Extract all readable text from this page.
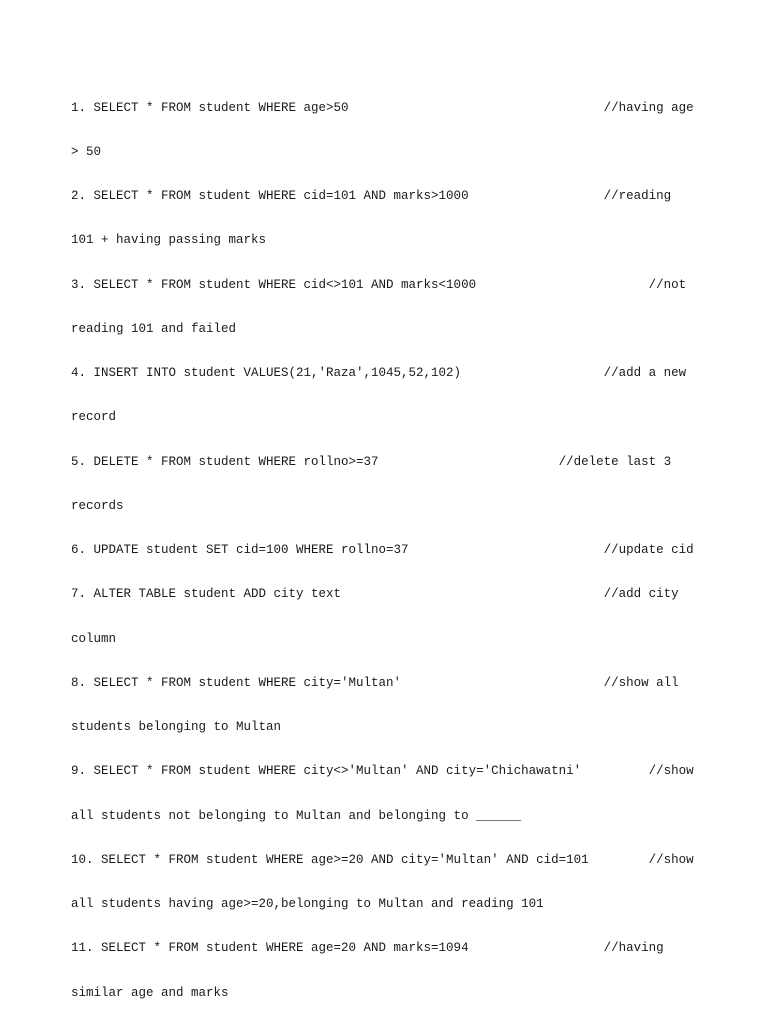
1. SELECT * FROM student WHERE age>50                                  //having age

> 50

2. SELECT * FROM student WHERE cid=101 AND marks>1000                  //reading

101 + having passing marks

3. SELECT * FROM student WHERE cid<>101 AND marks<1000                       //not

reading 101 and failed

4. INSERT INTO student VALUES(21,'Raza',1045,52,102)                   //add a new

record

5. DELETE * FROM student WHERE rollno>=37                        //delete last 3

records

6. UPDATE student SET cid=100 WHERE rollno=37                          //update cid

7. ALTER TABLE student ADD city text                                   //add city

column

8. SELECT * FROM student WHERE city='Multan'                           //show all

students belonging to Multan

9. SELECT * FROM student WHERE city<>'Multan' AND city='Chichawatni'         //show

all students not belonging to Multan and belonging to ______

10. SELECT * FROM student WHERE age>=20 AND city='Multan' AND cid=101        //show

all students having age>=20,belonging to Multan and reading 101

11. SELECT * FROM student WHERE age=20 AND marks=1094                  //having

similar age and marks
